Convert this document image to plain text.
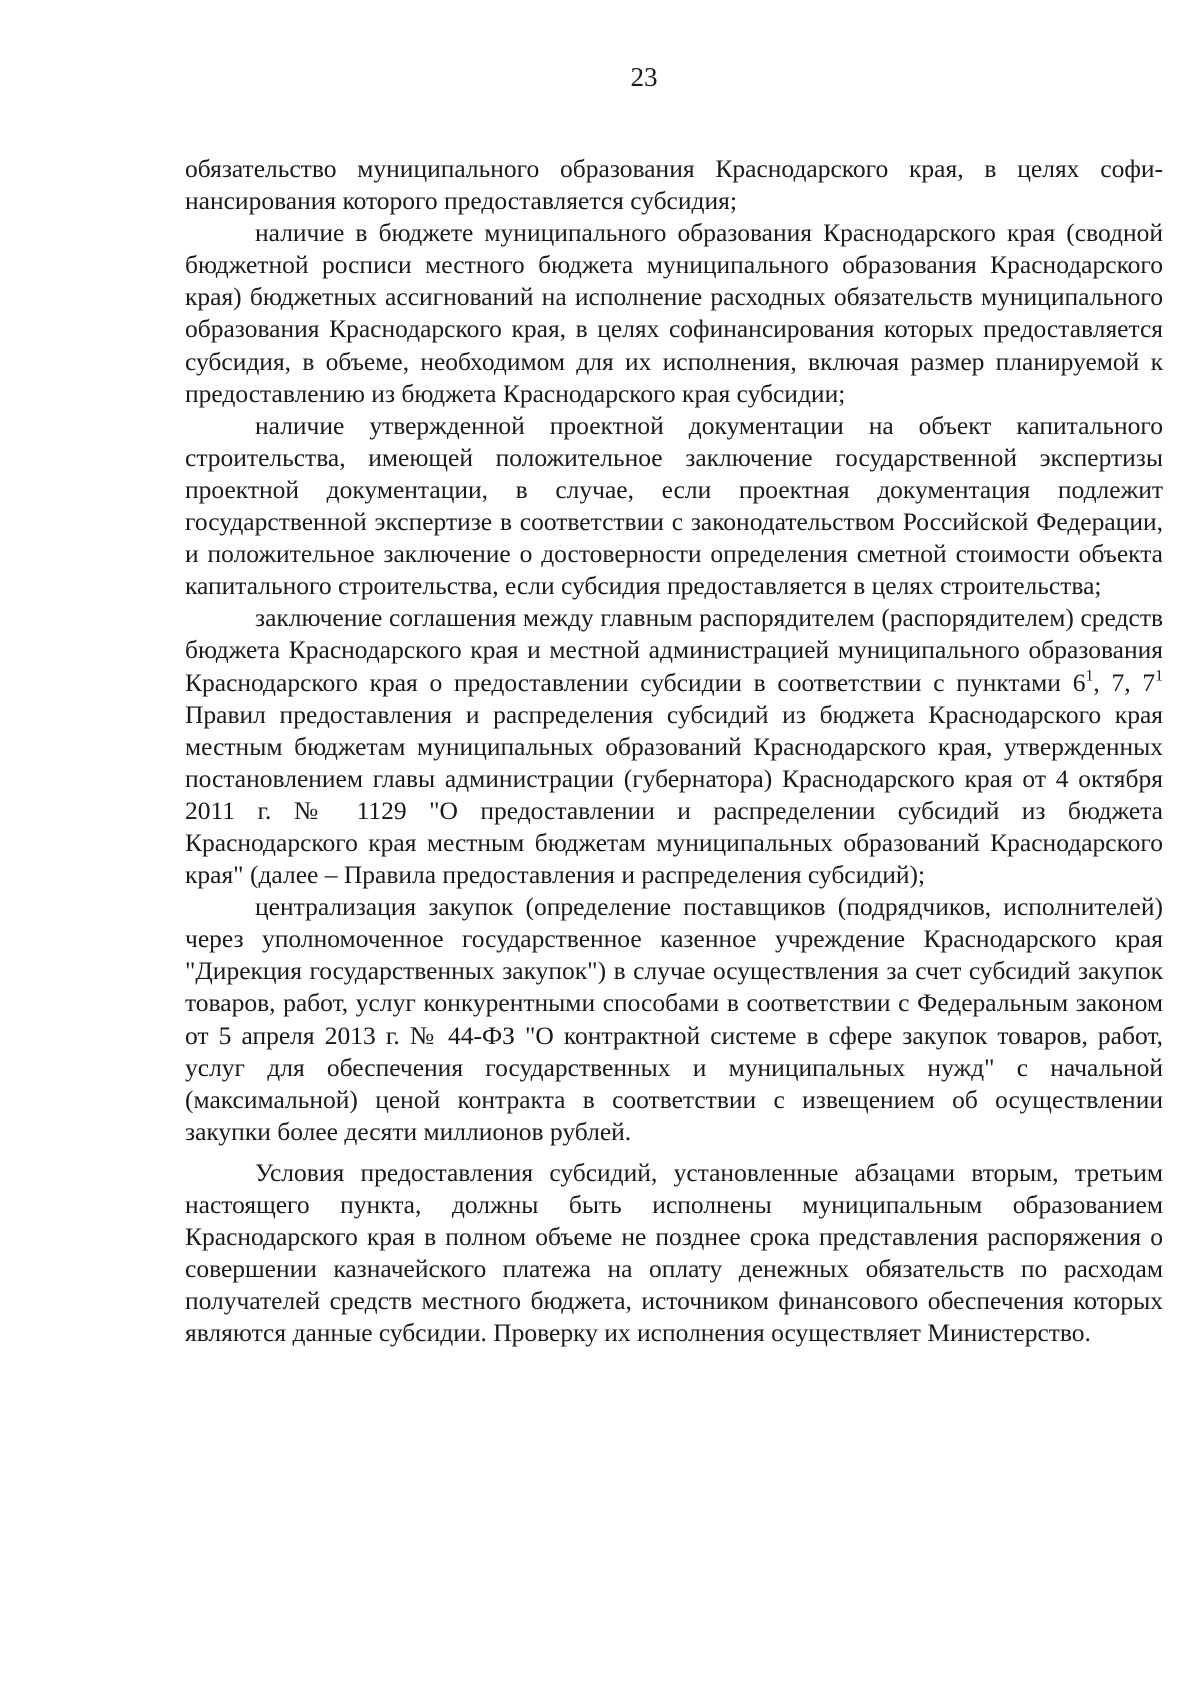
23

обязательство муниципального образования Краснодарского края, в целях софинансирования которого предоставляется субсидия;

наличие в бюджете муниципального образования Краснодарского края (сводной бюджетной росписи местного бюджета муниципального образования Краснодарского края) бюджетных ассигнований на исполнение расходных обязательств муниципального образования Краснодарского края, в целях софинансирования которых предоставляется субсидия, в объеме, необходимом для их исполнения, включая размер планируемой к предоставлению из бюджета Краснодарского края субсидии;

наличие утвержденной проектной документации на объект капитального строительства, имеющей положительное заключение государственной экспертизы проектной документации, в случае, если проектная документация подлежит государственной экспертизе в соответствии с законодательством Российской Федерации, и положительное заключение о достоверности определения сметной стоимости объекта капитального строительства, если субсидия предоставляется в целях строительства;

заключение соглашения между главным распорядителем (распорядителем) средств бюджета Краснодарского края и местной администрацией муниципального образования Краснодарского края о предоставлении субсидии в соответствии с пунктами $6^1$, 7, $7^1$ Правил предоставления и распределения субсидий из бюджета Краснодарского края местным бюджетам муниципальных образований Краснодарского края, утвержденных постановлением главы администрации (губернатора) Краснодарского края от 4 октября 2011 г. № 1129 "О предоставлении и распределении субсидий из бюджета Краснодарского края местным бюджетам муниципальных образований Краснодарского края" (далее – Правила предоставления и распределения субсидий);

централизация закупок (определение поставщиков (подрядчиков, исполнителей) через уполномоченное государственное казенное учреждение Краснодарского края "Дирекция государственных закупок") в случае осуществления за счет субсидий закупок товаров, работ, услуг конкурентными способами в соответствии с Федеральным законом от 5 апреля 2013 г. № 44-ФЗ "О контрактной системе в сфере закупок товаров, работ, услуг для обеспечения государственных и муниципальных нужд" с начальной (максимальной) ценой контракта в соответствии с извещением об осуществлении закупки более десяти миллионов рублей.

Условия предоставления субсидий, установленные абзацами вторым, третьим настоящего пункта, должны быть исполнены муниципальным образованием Краснодарского края в полном объеме не позднее срока представления распоряжения о совершении казначейского платежа на оплату денежных обязательств по расходам получателей средств местного бюджета, источником финансового обеспечения которых являются данные субсидии. Проверку их исполнения осуществляет Министерство.
